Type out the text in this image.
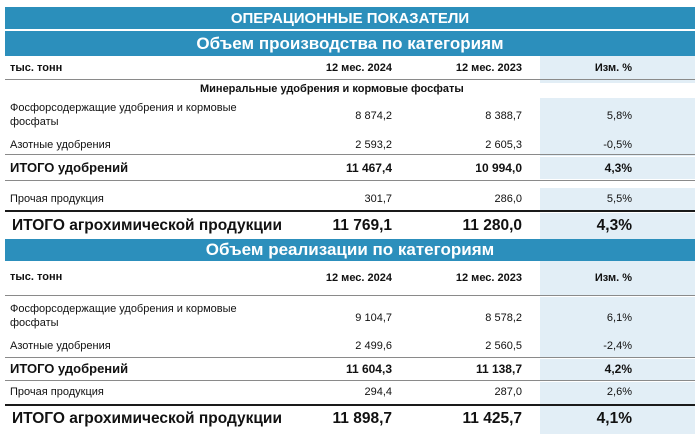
ОПЕРАЦИОННЫЕ ПОКАЗАТЕЛИ
Объем производства по категориям
тыс. тонн	12 мес. 2024	12 мес. 2023	Изм. %
Минеральные удобрения и кормовые фосфаты
Фосфорсодержащие удобрения и кормовые фосфаты	8 874,2	8 388,7	5,8%
Азотные удобрения	2 593,2	2 605,3	-0,5%
ИТОГО удобрений	11 467,4	10 994,0	4,3%
Прочая продукция	301,7	286,0	5,5%
ИТОГО агрохимической продукции	11 769,1	11 280,0	4,3%
Объем реализации по категориям
тыс. тонн	12 мес. 2024	12 мес. 2023	Изм. %
Фосфорсодержащие удобрения и кормовые фосфаты	9 104,7	8 578,2	6,1%
Азотные удобрения	2 499,6	2 560,5	-2,4%
ИТОГО удобрений	11 604,3	11 138,7	4,2%
Прочая продукция	294,4	287,0	2,6%
ИТОГО агрохимической продукции	11 898,7	11 425,7	4,1%
